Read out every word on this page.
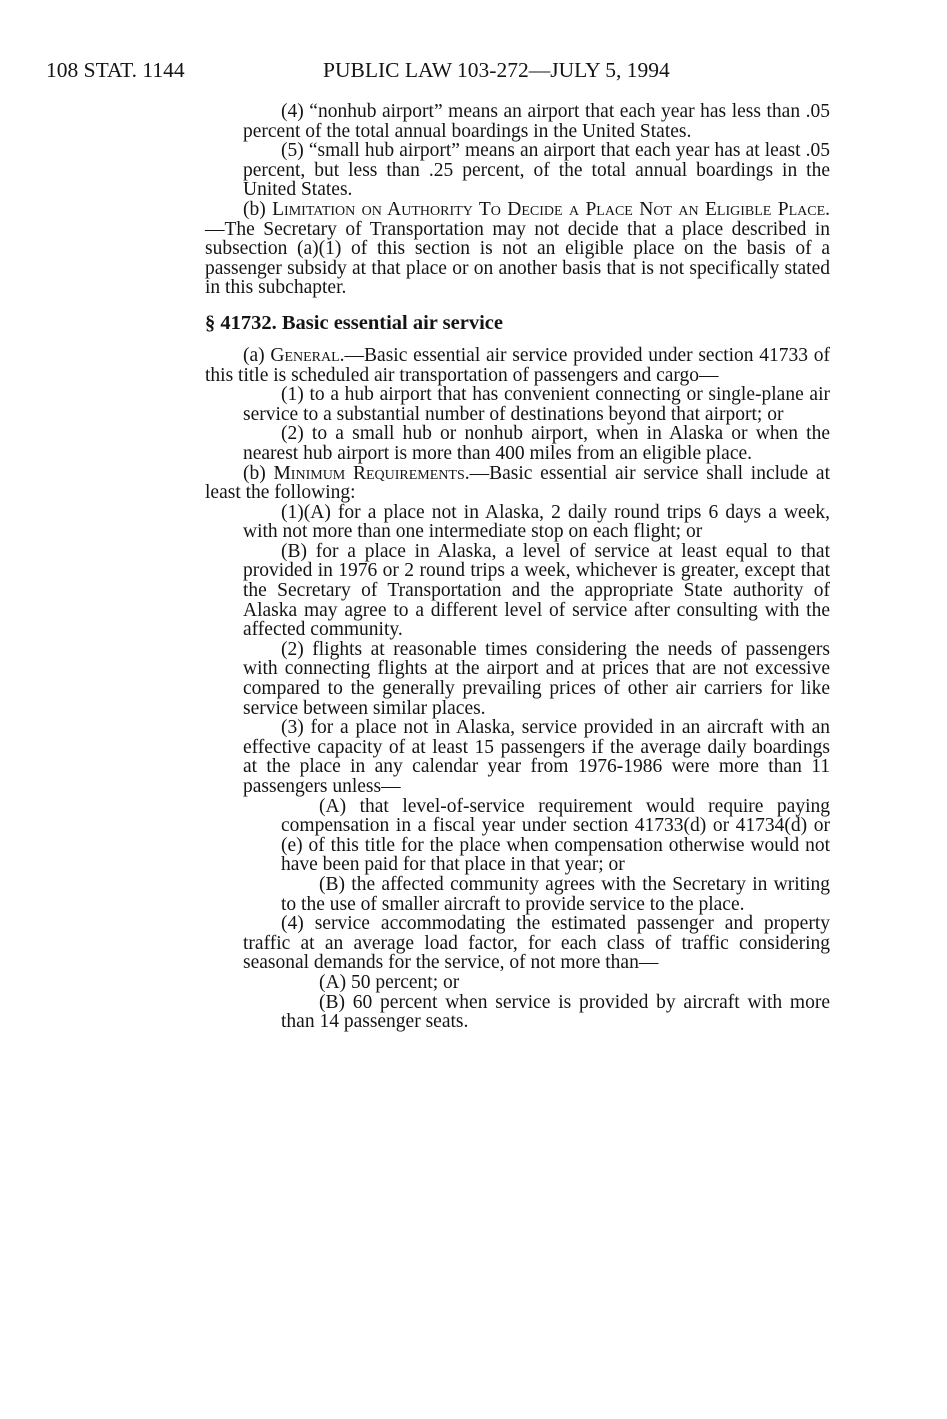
108 STAT. 1144	PUBLIC LAW 103-272—JULY 5, 1994

(4) “nonhub airport” means an airport that each year has less than .05 percent of the total annual boardings in the United States.

(5) “small hub airport” means an airport that each year has at least .05 percent, but less than .25 percent, of the total annual boardings in the United States.

(b) Limitation on Authority To Decide a Place Not an Eligible Place.—The Secretary of Transportation may not decide that a place described in subsection (a)(1) of this section is not an eligible place on the basis of a passenger subsidy at that place or on another basis that is not specifically stated in this subchapter.

§ 41732. Basic essential air service

(a) General.—Basic essential air service provided under section 41733 of this title is scheduled air transportation of passengers and cargo—

(1) to a hub airport that has convenient connecting or single-plane air service to a substantial number of destinations beyond that airport; or

(2) to a small hub or nonhub airport, when in Alaska or when the nearest hub airport is more than 400 miles from an eligible place.

(b) Minimum Requirements.—Basic essential air service shall include at least the following:

(1)(A) for a place not in Alaska, 2 daily round trips 6 days a week, with not more than one intermediate stop on each flight; or

(B) for a place in Alaska, a level of service at least equal to that provided in 1976 or 2 round trips a week, whichever is greater, except that the Secretary of Transportation and the appropriate State authority of Alaska may agree to a different level of service after consulting with the affected community.

(2) flights at reasonable times considering the needs of passengers with connecting flights at the airport and at prices that are not excessive compared to the generally prevailing prices of other air carriers for like service between similar places.

(3) for a place not in Alaska, service provided in an aircraft with an effective capacity of at least 15 passengers if the average daily boardings at the place in any calendar year from 1976-1986 were more than 11 passengers unless—

(A) that level-of-service requirement would require paying compensation in a fiscal year under section 41733(d) or 41734(d) or (e) of this title for the place when compensation otherwise would not have been paid for that place in that year; or

(B) the affected community agrees with the Secretary in writing to the use of smaller aircraft to provide service to the place.

(4) service accommodating the estimated passenger and property traffic at an average load factor, for each class of traffic considering seasonal demands for the service, of not more than—

(A) 50 percent; or

(B) 60 percent when service is provided by aircraft with more than 14 passenger seats.
